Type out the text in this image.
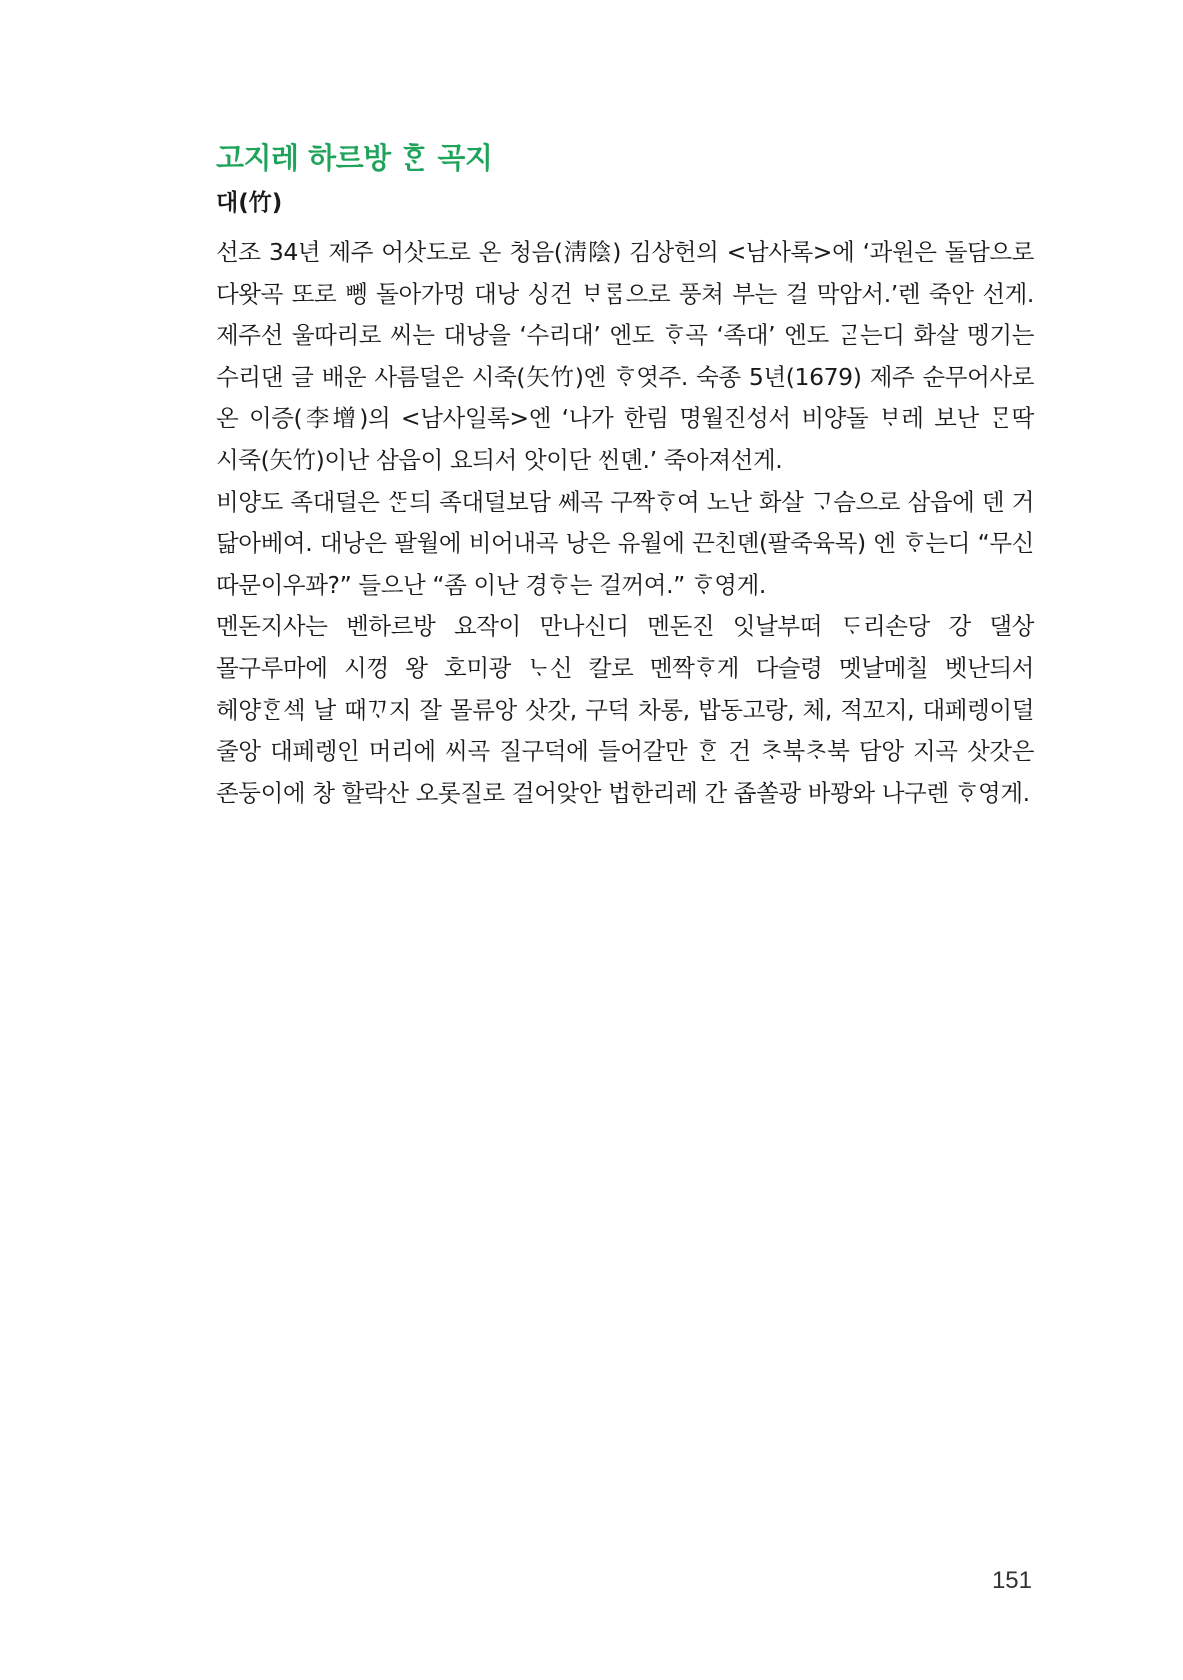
고지레 하르방 ᄒᆞᆫ 곡지
대(竹)

선조 34년 제주 어삿도로 온 청음(淸陰) 김상헌의 <남사록>에 ‘과원은 돌담으로 다왓곡 또로 뼁 돌아가멍 대낭 싱건 ᄇᆞᄅᆞᆷ으로 풍쳐 부는 걸 막암서.’렌 죽안 선게. 제주선 울따리로 씨는 대낭을 ‘수리대’ 엔도 ᄒᆞ곡 ‘족대’ 엔도 ᄀᆞᆮ는디 화살 멩기는 수리댄 글 배운 사름덜은 시죽(矢竹)엔 ᄒᆞ엿주. 숙종 5년(1679) 제주 순무어사로 온 이증(李增)의 <남사일록>엔 ‘나가 한림 명월진성서 비양돌 ᄇᆞ레 보난 ᄆᆞᆫ딱 시죽(矢竹)이난 삼읍이 요듸서 앗이단 씬뎬.’ 죽아져선게.

비양도 족대덜은 ᄯᆞᆫ듸 족대덜보담 쎄곡 구짝ᄒᆞ여 노난 화살 ᄀᆞ슴으로 삼읍에 덴 거 닮아베여. 대낭은 팔월에 비어내곡 낭은 유월에 끈친뎬(팔죽육목) 엔 ᄒᆞ는디 “무신 따문이우꽈?” 들으난 “좀 이난 경ᄒᆞ는 걸꺼여.” ᄒᆞ영게.

멘돈지사는 벤하르방 요작이 만나신디 멘돈진 잇날부떠 ᄃᆞ리손당 강 댈상 몰구루마에 시껑 왕 호미광 ᄂᆞ신 칼로 멘짝ᄒᆞ게 다슬령 멧날메칠 벳난듸서 헤양ᄒᆞᆫ섹 날 때ᄁᆞ지 잘 몰류앙 삿갓, 구덕 차롱, 밥동고랑, 체, 적꼬지, 대페렝이덜 줄앙 대페렝인 머리에 씨곡 질구덕에 들어갈만 ᄒᆞᆫ 건 ᄎᆞ북ᄎᆞ북 담앙 지곡 삿갓은 존둥이에 창 할락산 오롯질로 걸어앚안 법한리레 간 좁쏠광 바꽝와 나구렌 ᄒᆞ영게.

151
